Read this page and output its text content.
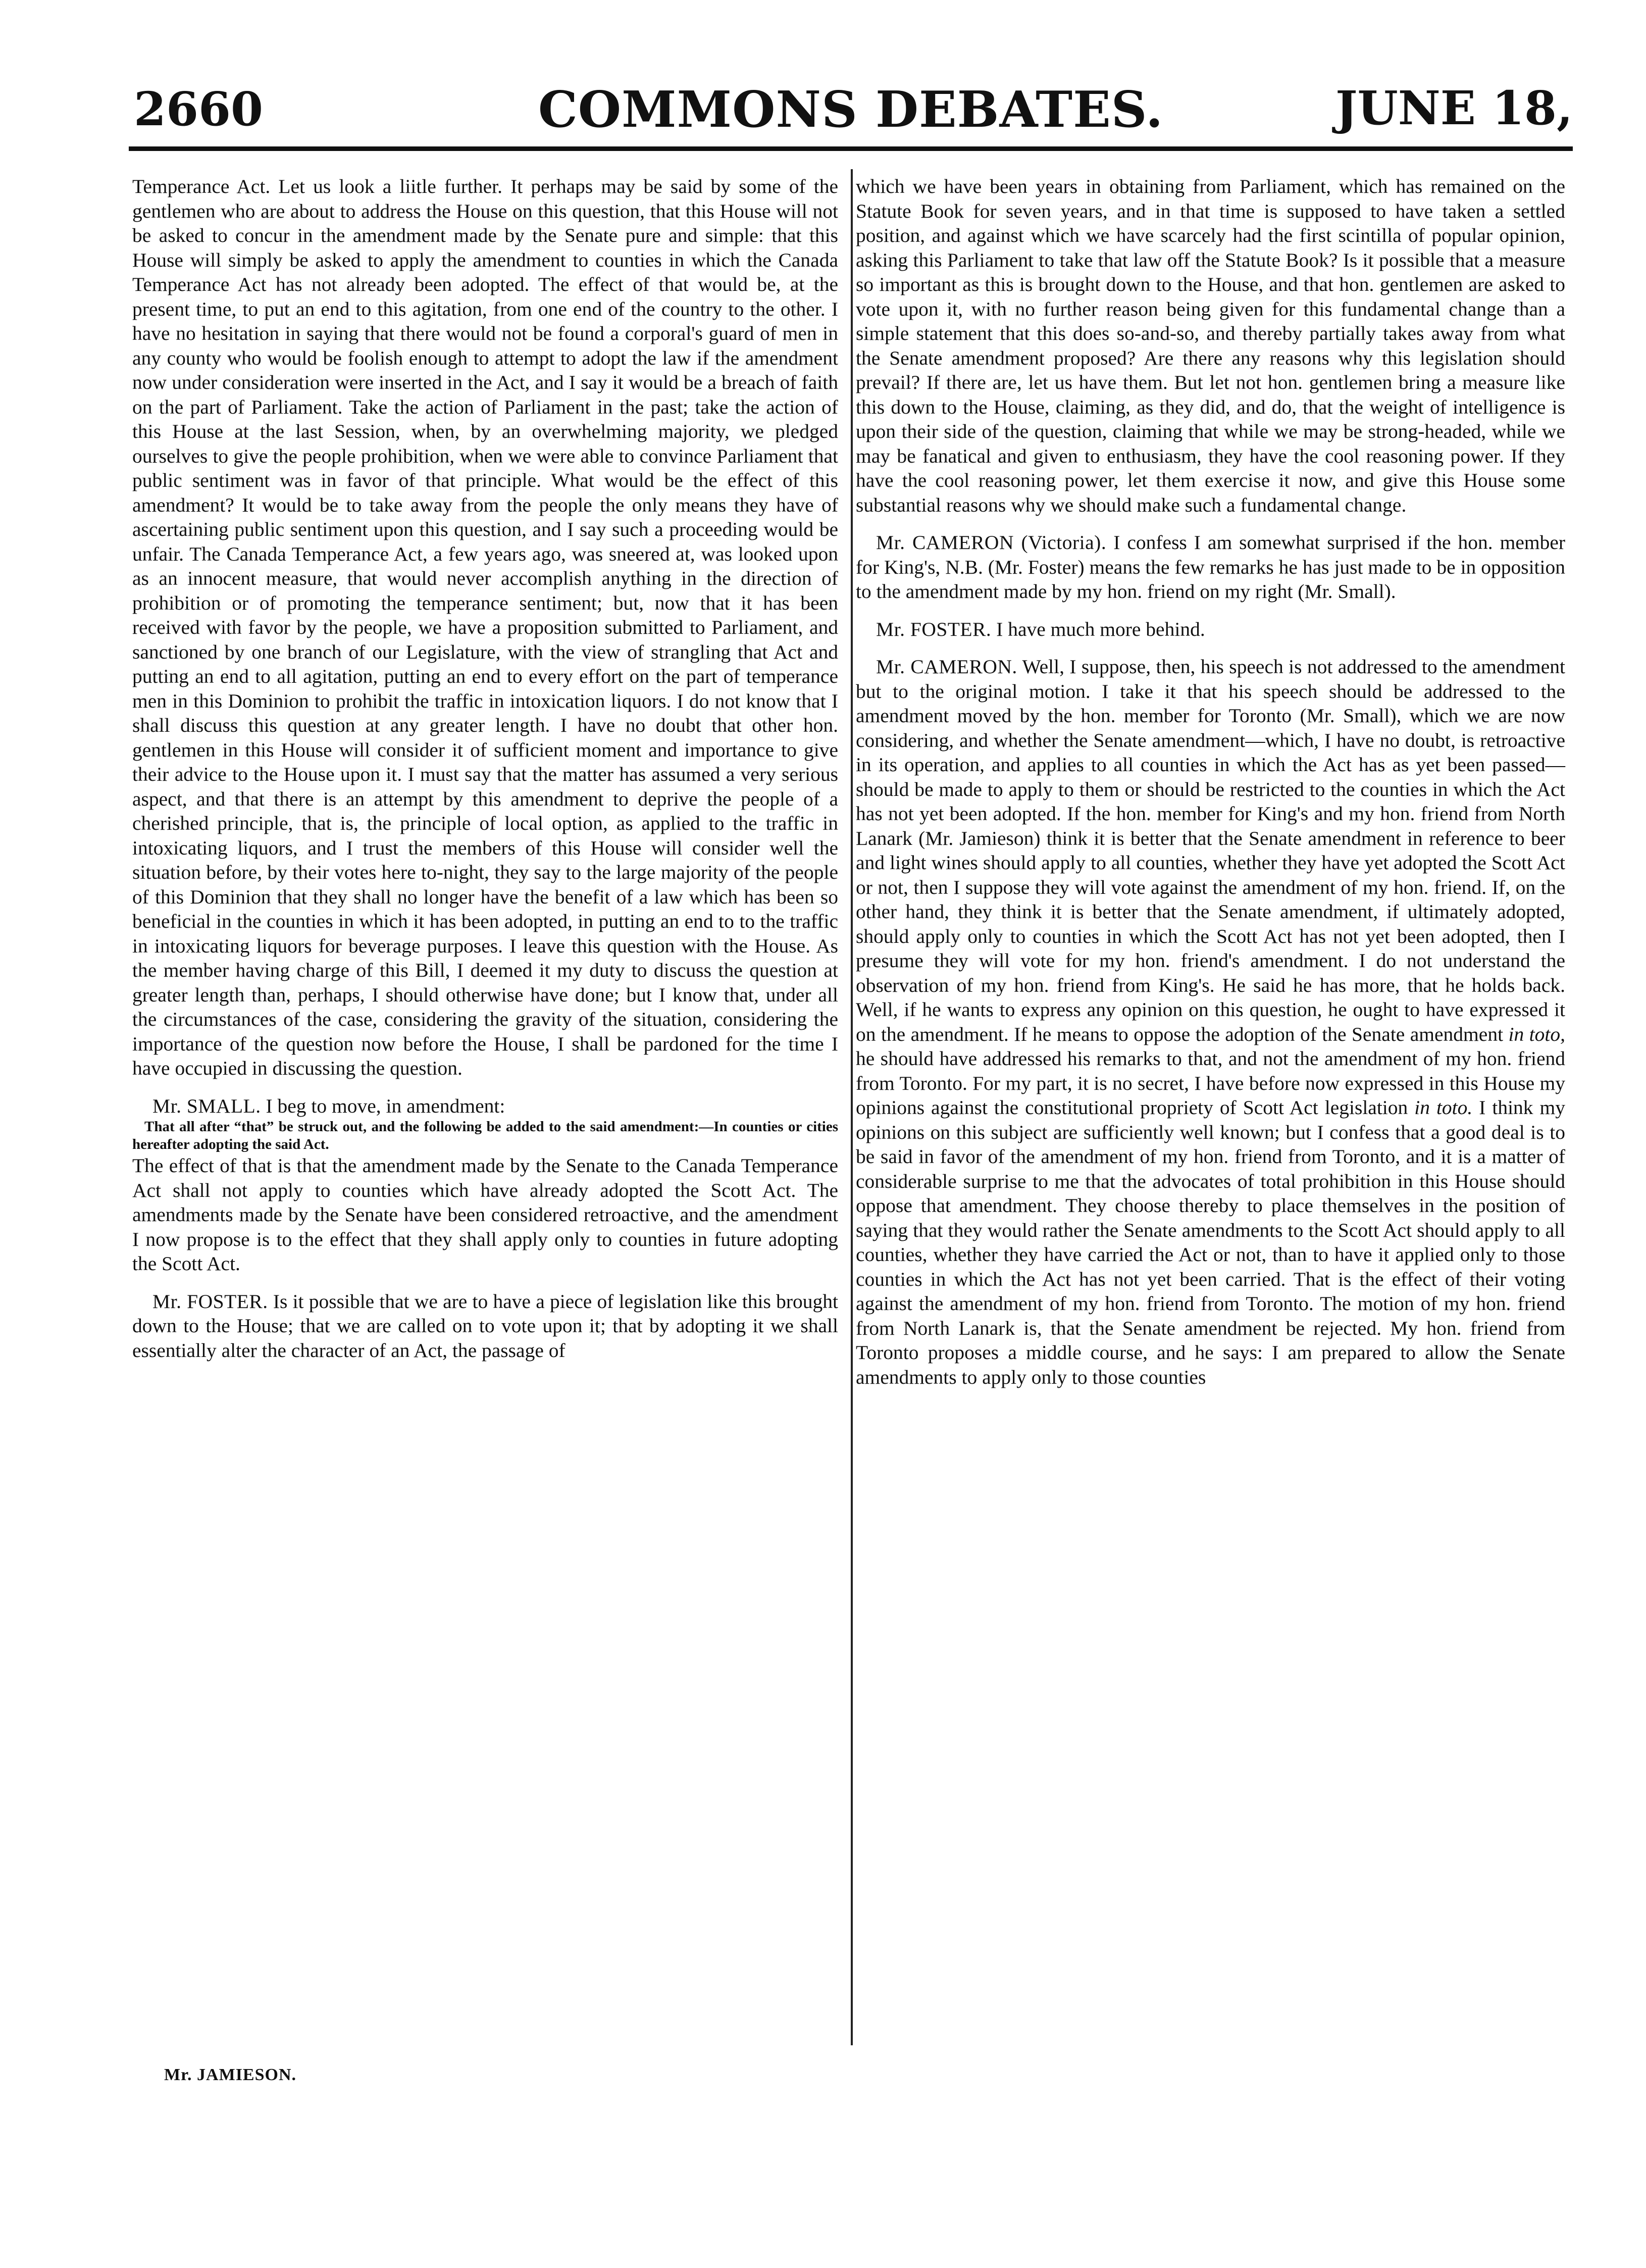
2660	COMMONS DEBATES.	JUNE 18,

Temperance Act. Let us look a liitle further. It perhaps may be said by some of the gentlemen who are about to address the House on this question, that this House will not be asked to concur in the amendment made by the Senate pure and simple: that this House will simply be asked to apply the amendment to counties in which the Canada Temperance Act has not already been adopted. The effect of that would be, at the present time, to put an end to this agitation, from one end of the country to the other. I have no hesitation in saying that there would not be found a corporal's guard of men in any county who would be foolish enough to attempt to adopt the law if the amendment now under consideration were inserted in the Act, and I say it would be a breach of faith on the part of Parliament. Take the action of Parliament in the past; take the action of this House at the last Session, when, by an overwhelming majority, we pledged ourselves to give the people prohibition, when we were able to convince Parliament that public sentiment was in favor of that principle. What would be the effect of this amendment? It would be to take away from the people the only means they have of ascertaining public sentiment upon this question, and I say such a proceeding would be unfair. The Canada Temperance Act, a few years ago, was sneered at, was looked upon as an innocent measure, that would never accomplish anything in the direction of prohibition or of promoting the temperance sentiment; but, now that it has been received with favor by the people, we have a proposition submitted to Parliament, and sanctioned by one branch of our Legislature, with the view of strangling that Act and putting an end to all agitation, putting an end to every effort on the part of temperance men in this Dominion to prohibit the traffic in intoxication liquors. I do not know that I shall discuss this question at any greater length. I have no doubt that other hon. gentlemen in this House will consider it of sufficient moment and importance to give their advice to the House upon it. I must say that the matter has assumed a very serious aspect, and that there is an attempt by this amendment to deprive the people of a cherished principle, that is, the principle of local option, as applied to the traffic in intoxicating liquors, and I trust the members of this House will consider well the situation before, by their votes here to-night, they say to the large majority of the people of this Dominion that they shall no longer have the benefit of a law which has been so beneficial in the counties in which it has been adopted, in putting an end to to the traffic in intoxicating liquors for beverage purposes. I leave this question with the House. As the member having charge of this Bill, I deemed it my duty to discuss the question at greater length than, perhaps, I should otherwise have done; but I know that, under all the circumstances of the case, considering the gravity of the situation, considering the importance of the question now before the House, I shall be pardoned for the time I have occupied in discussing the question.

Mr. SMALL. I beg to move, in amendment:

That all after “that” be struck out, and the following be added to the said amendment:—In counties or cities hereafter adopting the said Act.

The effect of that is that the amendment made by the Senate to the Canada Temperance Act shall not apply to counties which have already adopted the Scott Act. The amendments made by the Senate have been considered retroactive, and the amendment I now propose is to the effect that they shall apply only to counties in future adopting the Scott Act.

Mr. FOSTER. Is it possible that we are to have a piece of legislation like this brought down to the House; that we are called on to vote upon it; that by adopting it we shall essentially alter the character of an Act, the passage of

which we have been years in obtaining from Parliament, which has remained on the Statute Book for seven years, and in that time is supposed to have taken a settled position, and against which we have scarcely had the first scintilla of popular opinion, asking this Parliament to take that law off the Statute Book? Is it possible that a measure so important as this is brought down to the House, and that hon. gentlemen are asked to vote upon it, with no further reason being given for this fundamental change than a simple statement that this does so-and-so, and thereby partially takes away from what the Senate amendment proposed? Are there any reasons why this legislation should prevail? If there are, let us have them. But let not hon. gentlemen bring a measure like this down to the House, claiming, as they did, and do, that the weight of intelligence is upon their side of the question, claiming that while we may be strong-headed, while we may be fanatical and given to enthusiasm, they have the cool reasoning power. If they have the cool reasoning power, let them exercise it now, and give this House some substantial reasons why we should make such a fundamental change.

Mr. CAMERON (Victoria). I confess I am somewhat surprised if the hon. member for King's, N.B. (Mr. Foster) means the few remarks he has just made to be in opposition to the amendment made by my hon. friend on my right (Mr. Small).

Mr. FOSTER. I have much more behind.

Mr. CAMERON. Well, I suppose, then, his speech is not addressed to the amendment but to the original motion. I take it that his speech should be addressed to the amendment moved by the hon. member for Toronto (Mr. Small), which we are now considering, and whether the Senate amendment—which, I have no doubt, is retroactive in its operation, and applies to all counties in which the Act has as yet been passed—should be made to apply to them or should be restricted to the counties in which the Act has not yet been adopted. If the hon. member for King's and my hon. friend from North Lanark (Mr. Jamieson) think it is better that the Senate amendment in reference to beer and light wines should apply to all counties, whether they have yet adopted the Scott Act or not, then I suppose they will vote against the amendment of my hon. friend. If, on the other hand, they think it is better that the Senate amendment, if ultimately adopted, should apply only to counties in which the Scott Act has not yet been adopted, then I presume they will vote for my hon. friend's amendment. I do not understand the observation of my hon. friend from King's. He said he has more, that he holds back. Well, if he wants to express any opinion on this question, he ought to have expressed it on the amendment. If he means to oppose the adoption of the Senate amendment in toto, he should have addressed his remarks to that, and not the amendment of my hon. friend from Toronto. For my part, it is no secret, I have before now expressed in this House my opinions against the constitutional propriety of Scott Act legislation in toto. I think my opinions on this subject are sufficiently well known; but I confess that a good deal is to be said in favor of the amendment of my hon. friend from Toronto, and it is a matter of considerable surprise to me that the advocates of total prohibition in this House should oppose that amendment. They choose thereby to place themselves in the position of saying that they would rather the Senate amendments to the Scott Act should apply to all counties, whether they have carried the Act or not, than to have it applied only to those counties in which the Act has not yet been carried. That is the effect of their voting against the amendment of my hon. friend from Toronto. The motion of my hon. friend from North Lanark is, that the Senate amendment be rejected. My hon. friend from Toronto proposes a middle course, and he says: I am prepared to allow the Senate amendments to apply only to those counties

Mr. JAMIESON.
